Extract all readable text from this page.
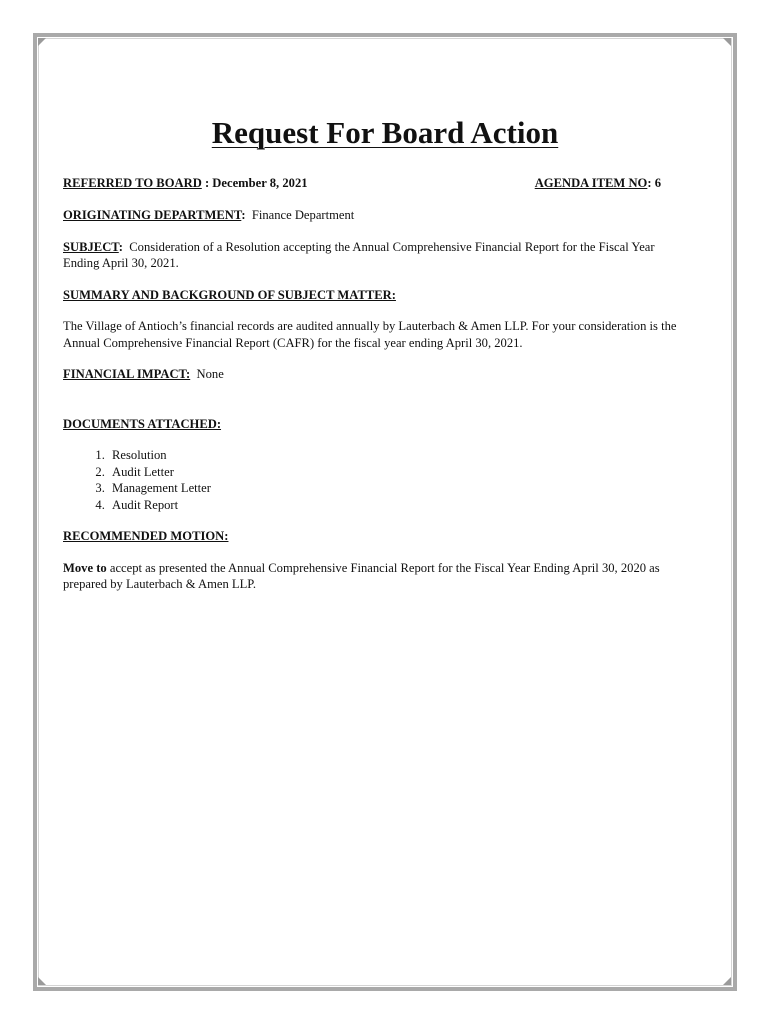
Request For Board Action
REFERRED TO BOARD : December 8, 2021	AGENDA ITEM NO: 6

ORIGINATING DEPARTMENT: Finance Department

SUBJECT: Consideration of a Resolution accepting the Annual Comprehensive Financial Report for the Fiscal Year Ending April 30, 2021.

SUMMARY AND BACKGROUND OF SUBJECT MATTER:

The Village of Antioch’s financial records are audited annually by Lauterbach & Amen LLP. For your consideration is the Annual Comprehensive Financial Report (CAFR) for the fiscal year ending April 30, 2021.

FINANCIAL IMPACT: None

DOCUMENTS ATTACHED:

1. Resolution
2. Audit Letter
3. Management Letter
4. Audit Report

RECOMMENDED MOTION:

Move to accept as presented the Annual Comprehensive Financial Report for the Fiscal Year Ending April 30, 2020 as prepared by Lauterbach & Amen LLP.
